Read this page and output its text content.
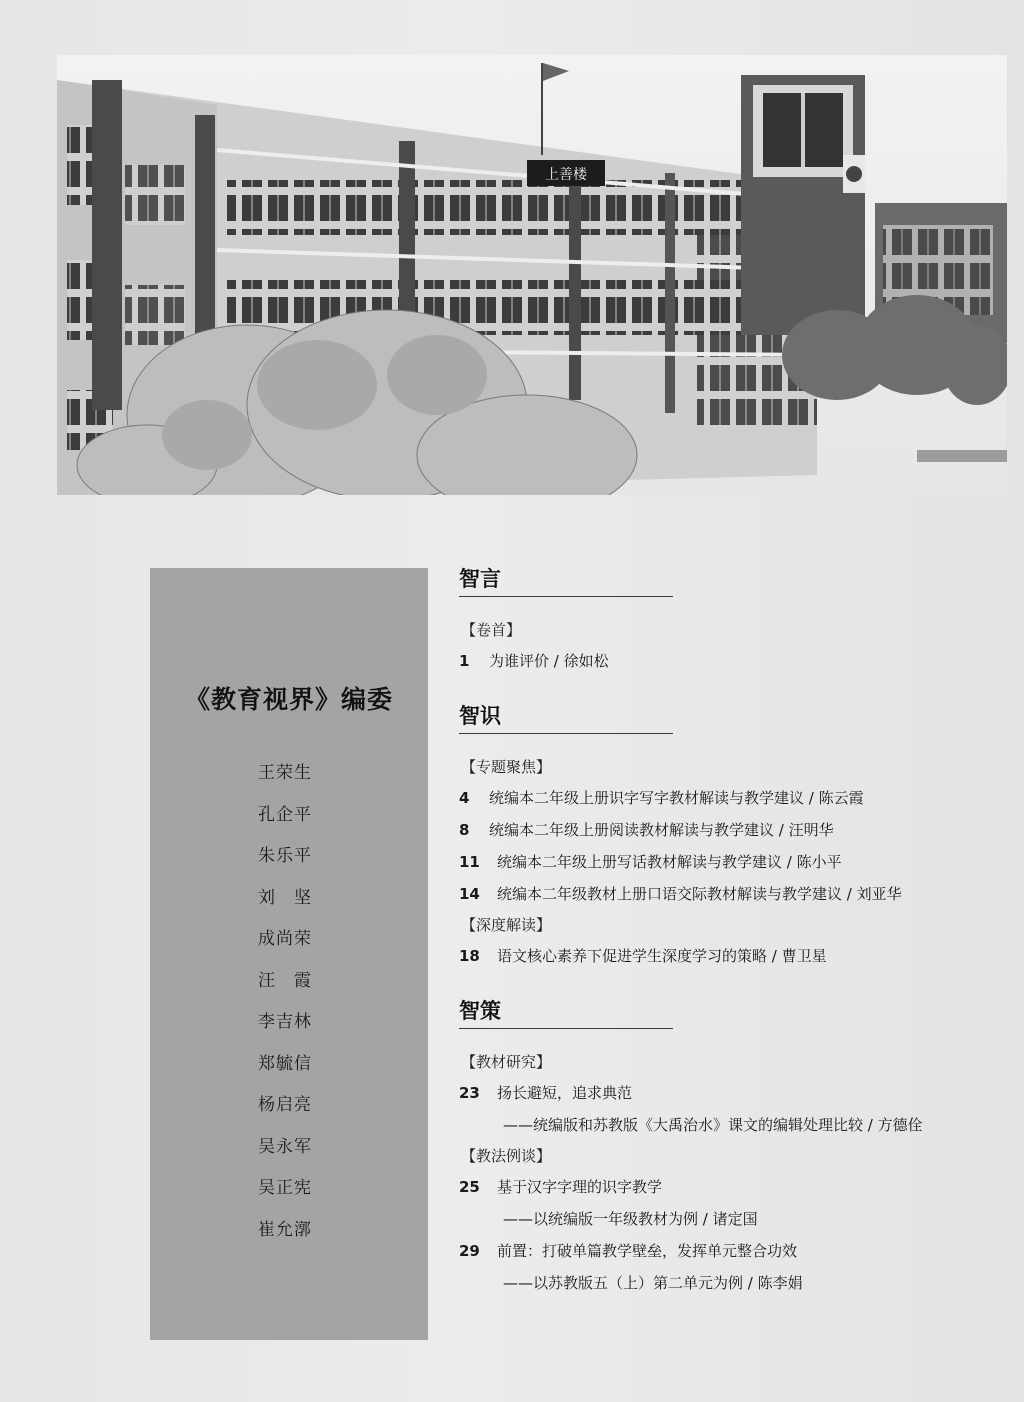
上善楼
《教育视界》编委
王荣生
孔企平
朱乐平
刘　坚
成尚荣
汪　霞
李吉林
郑毓信
杨启亮
吴永军
吴正宪
崔允漷
智言
【卷首】
1	为谁评价 / 徐如松
智识
【专题聚焦】
4	统编本二年级上册识字写字教材解读与教学建议 / 陈云霞
8	统编本二年级上册阅读教材解读与教学建议 / 汪明华
11	统编本二年级上册写话教材解读与教学建议 / 陈小平
14	统编本二年级教材上册口语交际教材解读与教学建议 / 刘亚华
【深度解读】
18	语文核心素养下促进学生深度学习的策略 / 曹卫星
智策
【教材研究】
23	扬长避短，追求典范
——统编版和苏教版《大禹治水》课文的编辑处理比较 / 方德佺
【教法例谈】
25	基于汉字字理的识字教学
——以统编版一年级教材为例 / 诸定国
29	前置：打破单篇教学壁垒，发挥单元整合功效
——以苏教版五（上）第二单元为例 / 陈李娟
